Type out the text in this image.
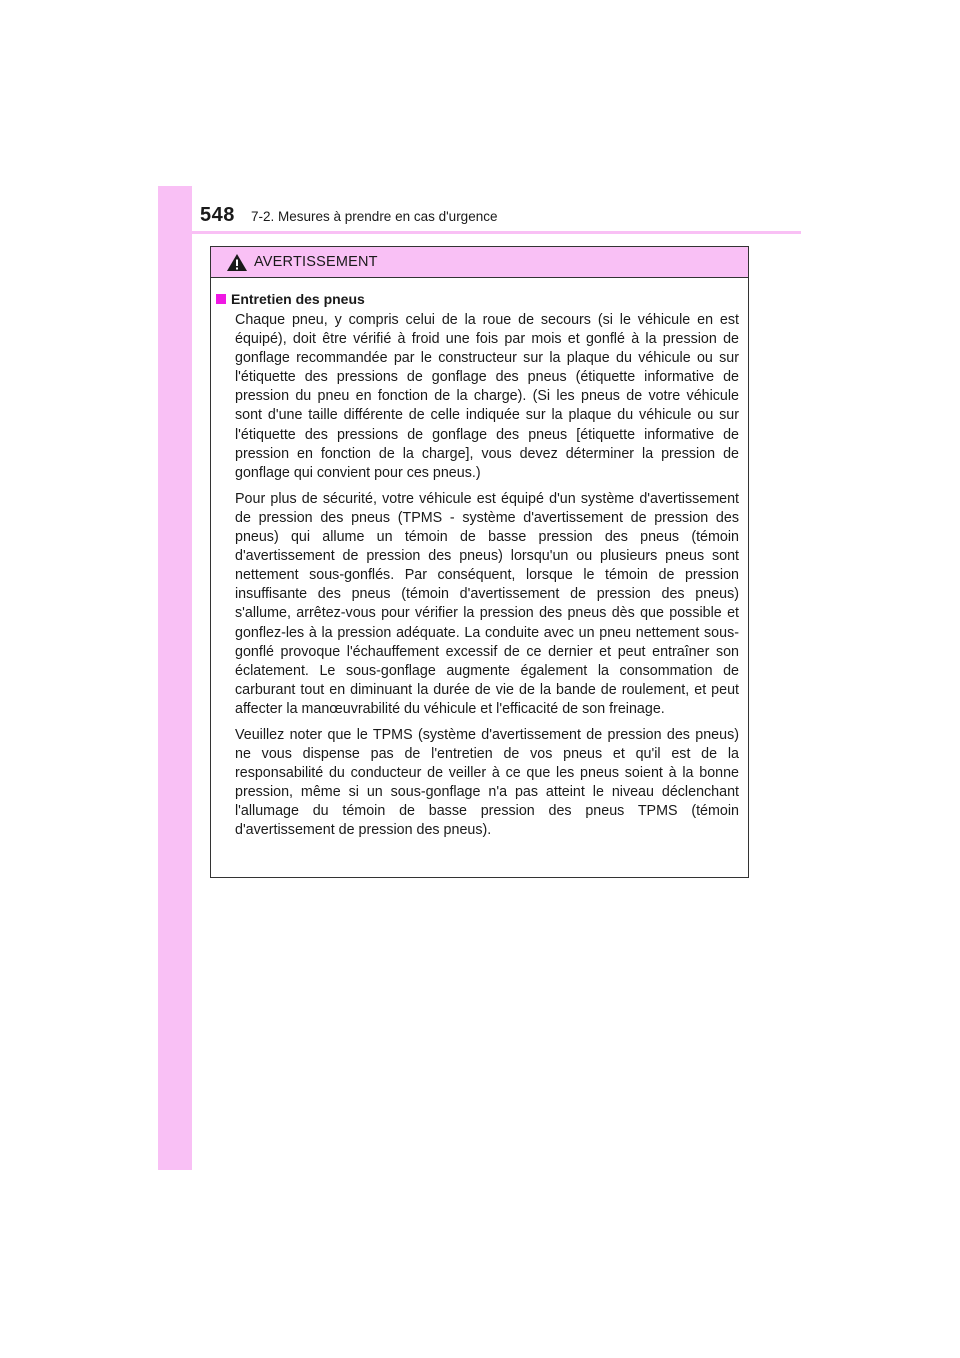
548 7-2. Mesures à prendre en cas d'urgence
AVERTISSEMENT
Entretien des pneus

Chaque pneu, y compris celui de la roue de secours (si le véhicule en est équipé), doit être vérifié à froid une fois par mois et gonflé à la pression de gonflage recommandée par le constructeur sur la plaque du véhicule ou sur l'étiquette des pressions de gonflage des pneus (étiquette informative de pression du pneu en fonction de la charge). (Si les pneus de votre véhicule sont d'une taille différente de celle indiquée sur la plaque du véhicule ou sur l'étiquette des pressions de gonflage des pneus [étiquette informative de pression en fonction de la charge], vous devez déterminer la pression de gonflage qui convient pour ces pneus.)

Pour plus de sécurité, votre véhicule est équipé d'un système d'avertissement de pression des pneus (TPMS - système d'avertissement de pression des pneus) qui allume un témoin de basse pression des pneus (témoin d'avertissement de pression des pneus) lorsqu'un ou plusieurs pneus sont nettement sous-gonflés. Par conséquent, lorsque le témoin de pression insuffisante des pneus (témoin d'avertissement de pression des pneus) s'allume, arrêtez-vous pour vérifier la pression des pneus dès que possible et gonflez-les à la pression adéquate. La conduite avec un pneu nettement sous-gonflé provoque l'échauffement excessif de ce dernier et peut entraîner son éclatement. Le sous-gonflage augmente également la consommation de carburant tout en diminuant la durée de vie de la bande de roulement, et peut affecter la manœuvrabilité du véhicule et l'efficacité de son freinage.

Veuillez noter que le TPMS (système d'avertissement de pression des pneus) ne vous dispense pas de l'entretien de vos pneus et qu'il est de la responsabilité du conducteur de veiller à ce que les pneus soient à la bonne pression, même si un sous-gonflage n'a pas atteint le niveau déclenchant l'allumage du témoin de basse pression des pneus TPMS (témoin d'avertissement de pression des pneus).
